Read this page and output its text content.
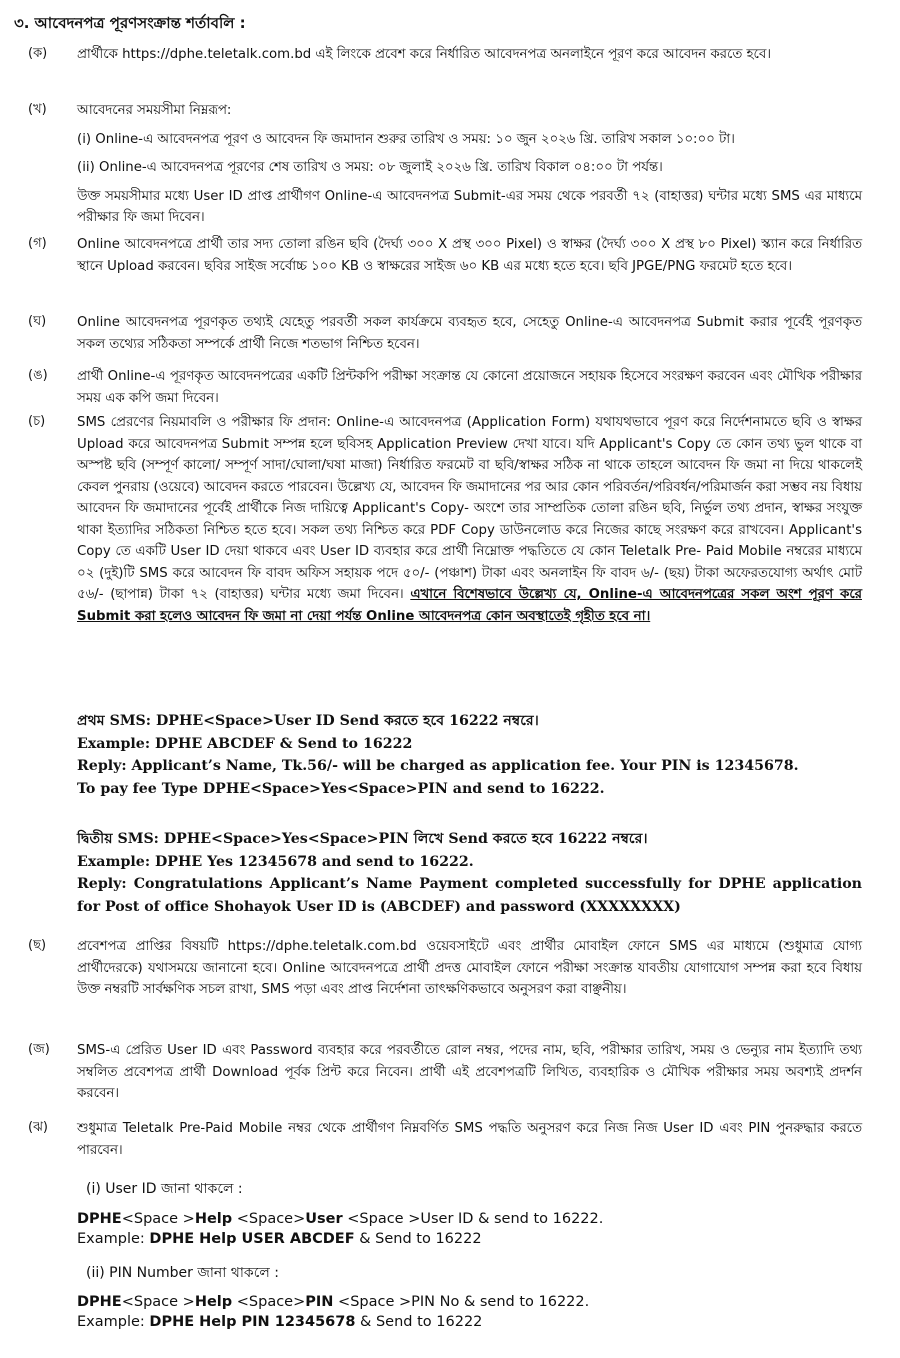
৩. আবেদনপত্র পূরণসংক্রান্ত শর্তাবলি :
(ক) প্রার্থীকে https://dphe.teletalk.com.bd এই লিংকে প্রবেশ করে নির্ধারিত আবেদনপত্র অনলাইনে পূরণ করে আবেদন করতে হবে।

(খ) আবেদনের সময়সীমা নিম্নরূপ:

(i) Online-এ আবেদনপত্র পূরণ ও আবেদন ফি জমাদান শুরুর তারিখ ও সময়: ১০ জুন ২০২৬ খ্রি. তারিখ সকাল ১০:০০ টা।

(ii) Online-এ আবেদনপত্র পূরণের শেষ তারিখ ও সময়: ০৮ জুলাই ২০২৬ খ্রি. তারিখ বিকাল ০৪:০০ টা পর্যন্ত।

উক্ত সময়সীমার মধ্যে User ID প্রাপ্ত প্রার্থীগণ Online-এ আবেদনপত্র Submit-এর সময় থেকে পরবর্তী ৭২ (বাহাত্তর) ঘন্টার মধ্যে SMS এর মাধ্যমে পরীক্ষার ফি জমা দিবেন।

(গ) Online আবেদনপত্রে প্রার্থী তার সদ্য তোলা রঙিন ছবি (দৈর্ঘ্য ৩০০ X প্রস্থ ৩০০ Pixel) ও স্বাক্ষর (দৈর্ঘ্য ৩০০ X প্রস্থ ৮০ Pixel) স্ক্যান করে নির্ধারিত স্থানে Upload করবেন। ছবির সাইজ সর্বোচ্চ ১০০ KB ও স্বাক্ষরের সাইজ ৬০ KB এর মধ্যে হতে হবে। ছবি JPGE/PNG ফরমেট হতে হবে।

(ঘ) Online আবেদনপত্র পূরণকৃত তথ্যই যেহেতু পরবর্তী সকল কার্যক্রমে ব্যবহৃত হবে, সেহেতু Online-এ আবেদনপত্র Submit করার পূর্বেই পূরণকৃত সকল তথ্যের সঠিকতা সম্পর্কে প্রার্থী নিজে শতভাগ নিশ্চিত হবেন।

(ঙ) প্রার্থী Online-এ পূরণকৃত আবেদনপত্রের একটি প্রিন্টকপি পরীক্ষা সংক্রান্ত যে কোনো প্রয়োজনে সহায়ক হিসেবে সংরক্ষণ করবেন এবং মৌখিক পরীক্ষার সময় এক কপি জমা দিবেন।

(চ) SMS প্রেরণের নিয়মাবলি ও পরীক্ষার ফি প্রদান: Online-এ আবেদনপত্র (Application Form) যথাযথভাবে পূরণ করে নির্দেশনামতে ছবি ও স্বাক্ষর Upload করে আবেদনপত্র Submit সম্পন্ন হলে ছবিসহ Application Preview দেখা যাবে। যদি Applicant's Copy তে কোন তথ্য ভুল থাকে বা অস্পষ্ট ছবি (সম্পূর্ণ কালো/ সম্পূর্ণ সাদা/ঘোলা/ঘষা মাজা) নির্ধারিত ফরমেট বা ছবি/স্বাক্ষর সঠিক না থাকে তাহলে আবেদন ফি জমা না দিয়ে থাকলেই কেবল পুনরায় (ওয়েবে) আবেদন করতে পারবেন। উল্লেখ্য যে, আবেদন ফি জমাদানের পর আর কোন পরিবর্তন/পরিবর্ধন/পরিমার্জন করা সম্ভব নয় বিধায় আবেদন ফি জমাদানের পূর্বেই প্রার্থীকে নিজ দায়িত্বে Applicant's Copy- অংশে তার সাম্প্রতিক তোলা রঙিন ছবি, নির্ভুল তথ্য প্রদান, স্বাক্ষর সংযুক্ত থাকা ইত্যাদির সঠিকতা নিশ্চিত হতে হবে। সকল তথ্য নিশ্চিত করে PDF Copy ডাউনলোড করে নিজের কাছে সংরক্ষণ করে রাখবেন। Applicant's Copy তে একটি User ID দেয়া থাকবে এবং User ID ব্যবহার করে প্রার্থী নিম্নোক্ত পদ্ধতিতে যে কোন Teletalk Pre- Paid Mobile নম্বরের মাধ্যমে ০২ (দুই)টি SMS করে আবেদন ফি বাবদ অফিস সহায়ক পদে ৫০/- (পঞ্চাশ) টাকা এবং অনলাইন ফি বাবদ ৬/- (ছয়) টাকা অফেরতযোগ্য অর্থাৎ মোট ৫৬/- (ছাপান্ন) টাকা ৭২ (বাহাত্তর) ঘন্টার মধ্যে জমা দিবেন। এখানে বিশেষভাবে উল্লেখ্য যে, Online-এ আবেদনপত্রের সকল অংশ পূরণ করে Submit করা হলেও আবেদন ফি জমা না দেয়া পর্যন্ত Online আবেদনপত্র কোন অবস্থাতেই গৃহীত হবে না।

প্রথম SMS: DPHE<Space>User ID Send করতে হবে 16222 নম্বরে।

Example: DPHE ABCDEF & Send to 16222

Reply: Applicant’s Name, Tk.56/- will be charged as application fee. Your PIN is 12345678.

To pay fee Type DPHE<Space>Yes<Space>PIN and send to 16222.

দ্বিতীয় SMS: DPHE<Space>Yes<Space>PIN লিখে Send করতে হবে 16222 নম্বরে।

Example: DPHE Yes 12345678 and send to 16222.

Reply: Congratulations Applicant’s Name Payment completed successfully for DPHE application for Post of office Shohayok User ID is (ABCDEF) and password (XXXXXXXX)

(ছ) প্রবেশপত্র প্রাপ্তির বিষয়টি https://dphe.teletalk.com.bd ওয়েবসাইটে এবং প্রার্থীর মোবাইল ফোনে SMS এর মাধ্যমে (শুধুমাত্র যোগ্য প্রার্থীদেরকে) যথাসময়ে জানানো হবে। Online আবেদনপত্রে প্রার্থী প্রদত্ত মোবাইল ফোনে পরীক্ষা সংক্রান্ত যাবতীয় যোগাযোগ সম্পন্ন করা হবে বিধায় উক্ত নম্বরটি সার্বক্ষণিক সচল রাখা, SMS পড়া এবং প্রাপ্ত নির্দেশনা তাৎক্ষণিকভাবে অনুসরণ করা বাঞ্ছনীয়।

(জ) SMS-এ প্রেরিত User ID এবং Password ব্যবহার করে পরবর্তীতে রোল নম্বর, পদের নাম, ছবি, পরীক্ষার তারিখ, সময় ও ভেন্যুর নাম ইত্যাদি তথ্য সম্বলিত প্রবেশপত্র প্রার্থী Download পূর্বক প্রিন্ট করে নিবেন। প্রার্থী এই প্রবেশপত্রটি লিখিত, ব্যবহারিক ও মৌখিক পরীক্ষার সময় অবশ্যই প্রদর্শন করবেন।

(ঝ) শুধুমাত্র Teletalk Pre-Paid Mobile নম্বর থেকে প্রার্থীগণ নিম্নবর্ণিত SMS পদ্ধতি অনুসরণ করে নিজ নিজ User ID এবং PIN পুনরুদ্ধার করতে পারবেন।

(i) User ID জানা থাকলে :

DPHE<Space >Help <Space>User <Space >User ID & send to 16222.

Example: DPHE Help USER ABCDEF & Send to 16222

(ii) PIN Number জানা থাকলে :

DPHE<Space >Help <Space>PIN <Space >PIN No & send to 16222.

Example: DPHE Help PIN 12345678 & Send to 16222
